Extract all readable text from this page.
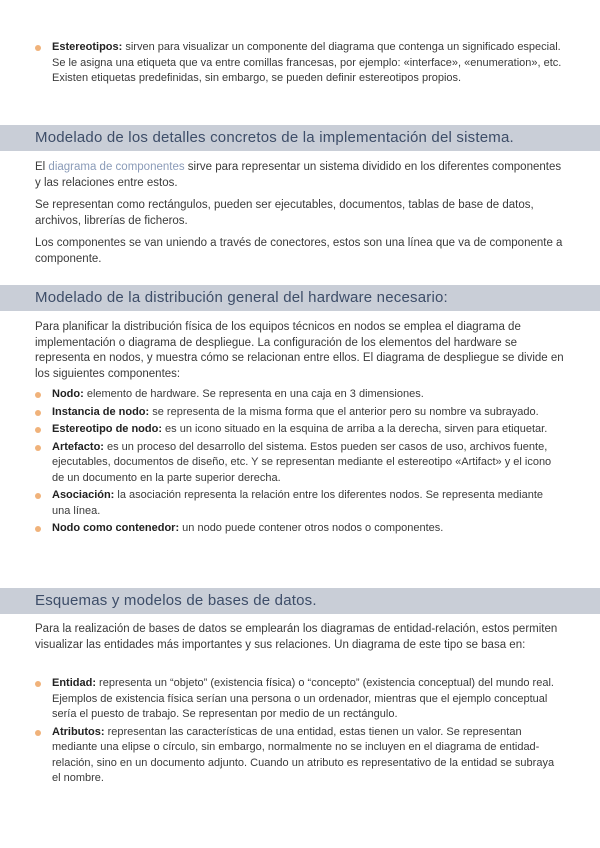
Estereotipos: sirven para visualizar un componente del diagrama que contenga un significado especial. Se le asigna una etiqueta que va entre comillas francesas, por ejemplo: «interface», «enumeration», etc. Existen etiquetas predefinidas, sin embargo, se pueden definir estereotipos propios.
Modelado de los detalles concretos de la implementación del sistema.

El diagrama de componentes sirve para representar un sistema dividido en los diferentes componentes y las relaciones entre estos.

Se representan como rectángulos, pueden ser ejecutables, documentos, tablas de base de datos, archivos, librerías de ficheros.

Los componentes se van uniendo a través de conectores, estos son una línea que va de componente a componente.

Modelado de la distribución general del hardware necesario:

Para planificar la distribución física de los equipos técnicos en nodos se emplea el diagrama de implementación o diagrama de despliegue. La configuración de los elementos del hardware se representa en nodos, y muestra cómo se relacionan entre ellos. El diagrama de despliegue se divide en los siguientes componentes:

Nodo: elemento de hardware. Se representa en una caja en 3 dimensiones.
Instancia de nodo: se representa de la misma forma que el anterior pero su nombre va subrayado.
Estereotipo de nodo: es un icono situado en la esquina de arriba a la derecha, sirven para etiquetar.
Artefacto: es un proceso del desarrollo del sistema. Estos pueden ser casos de uso, archivos fuente, ejecutables, documentos de diseño, etc. Y se representan mediante el estereotipo «Artifact» y el icono de un documento en la parte superior derecha.
Asociación: la asociación representa la relación entre los diferentes nodos. Se representa mediante una línea.
Nodo como contenedor: un nodo puede contener otros nodos o componentes.
Esquemas y modelos de bases de datos.

Para la realización de bases de datos se emplearán los diagramas de entidad-relación, estos permiten visualizar las entidades más importantes y sus relaciones. Un diagrama de este tipo se basa en:

Entidad: representa un “objeto” (existencia física) o “concepto” (existencia conceptual) del mundo real. Ejemplos de existencia física serían una persona o un ordenador, mientras que el ejemplo conceptual sería el puesto de trabajo. Se representan por medio de un rectángulo.
Atributos: representan las características de una entidad, estas tienen un valor. Se representan mediante una elipse o círculo, sin embargo, normalmente no se incluyen en el diagrama de entidad-relación, sino en un documento adjunto. Cuando un atributo es representativo de la entidad se subraya el nombre.
